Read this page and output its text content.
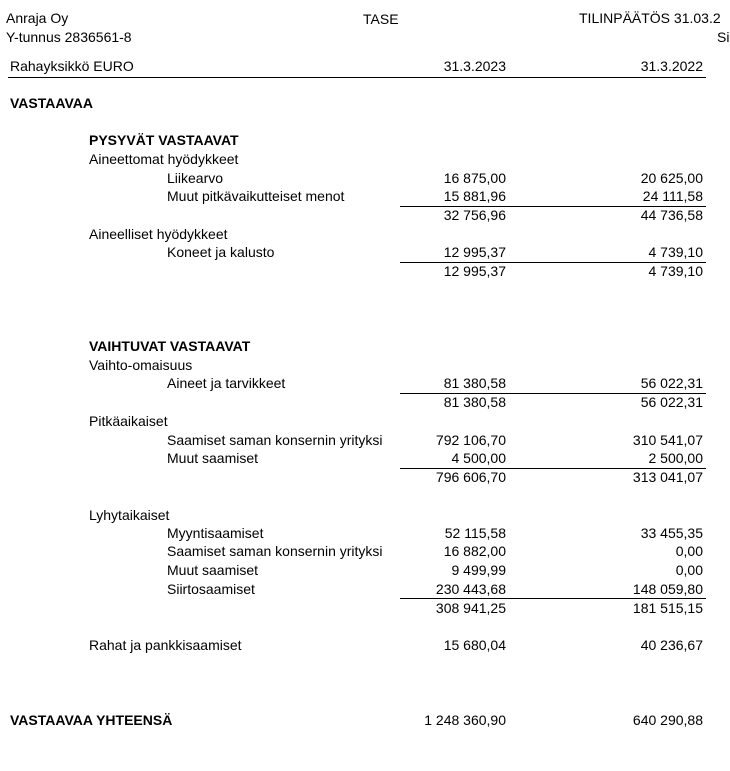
Anraja Oy
Y-tunnus 2836561-8
TASE	TILINPÄÄTÖS 31.03.2
Si
Rahayksikkö EURO	31.3.2023	31.3.2022
VASTAAVAA
PYSYVÄT VASTAAVAT
Aineettomat hyödykkeet
Liikearvo	16 875,00	20 625,00
Muut pitkävaikutteiset menot	15 881,96	24 111,58
32 756,96	44 736,58
Aineelliset hyödykkeet
Koneet ja kalusto	12 995,37	4 739,10
12 995,37	4 739,10
VAIHTUVAT VASTAAVAT
Vaihto-omaisuus
Aineet ja tarvikkeet	81 380,58	56 022,31
81 380,58	56 022,31
Pitkäaikaiset
Saamiset saman konsernin yrityksi	792 106,70	310 541,07
Muut saamiset	4 500,00	2 500,00
796 606,70	313 041,07
Lyhytaikaiset
Myyntisaamiset	52 115,58	33 455,35
Saamiset saman konsernin yrityksi	16 882,00	0,00
Muut saamiset	9 499,99	0,00
Siirtosaamiset	230 443,68	148 059,80
308 941,25	181 515,15
Rahat ja pankkisaamiset	15 680,04	40 236,67
VASTAAVAA YHTEENSÄ	1 248 360,90	640 290,88
